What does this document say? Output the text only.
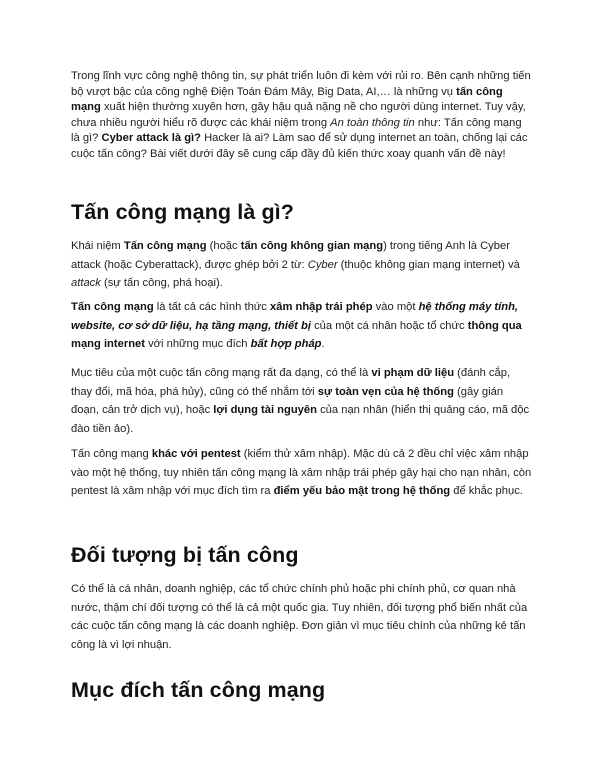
Trong lĩnh vực công nghệ thông tin, sự phát triển luôn đi kèm với rủi ro. Bên cạnh những tiến bộ vượt bậc của công nghệ Điện Toán Đám Mây, Big Data, AI,… là những vụ tấn công mạng xuất hiện thường xuyên hơn, gây hậu quả nặng nề cho người dùng internet. Tuy vậy, chưa nhiều người hiểu rõ được các khái niệm trong An toàn thông tin như: Tấn công mạng là gì? Cyber attack là gì? Hacker là ai? Làm sao để sử dụng internet an toàn, chống lại các cuộc tấn công? Bài viết dưới đây sẽ cung cấp đầy đủ kiến thức xoay quanh vấn đề này!

Tấn công mạng là gì?

Khái niệm Tấn công mạng (hoặc tấn công không gian mạng) trong tiếng Anh là Cyber attack (hoặc Cyberattack), được ghép bởi 2 từ: Cyber (thuộc không gian mạng internet) và attack (sự tấn công, phá hoại).

Tấn công mạng là tất cả các hình thức xâm nhập trái phép vào một hệ thống máy tính, website, cơ sở dữ liệu, hạ tầng mạng, thiết bị của một cá nhân hoặc tổ chức thông qua mạng internet với những mục đích bất hợp pháp.

Mục tiêu của một cuộc tấn công mạng rất đa dạng, có thể là vi phạm dữ liệu (đánh cắp, thay đổi, mã hóa, phá hủy), cũng có thể nhắm tới sự toàn vẹn của hệ thống (gây gián đoạn, cản trở dịch vụ), hoặc lợi dụng tài nguyên của nạn nhân (hiển thị quảng cáo, mã độc đào tiền ảo).

Tấn công mạng khác với pentest (kiểm thử xâm nhập). Mặc dù cả 2 đều chỉ việc xâm nhập vào một hệ thống, tuy nhiên tấn công mạng là xâm nhập trái phép gây hại cho nạn nhân, còn pentest là xâm nhập với mục đích tìm ra điểm yếu bảo mật trong hệ thống để khắc phục.

Đối tượng bị tấn công

Có thể là cá nhân, doanh nghiệp, các tổ chức chính phủ hoặc phi chính phủ, cơ quan nhà nước, thậm chí đối tượng có thể là cả một quốc gia. Tuy nhiên, đối tượng phổ biến nhất của các cuộc tấn công mạng là các doanh nghiệp. Đơn giản vì mục tiêu chính của những kẻ tấn công là vì lợi nhuận.

Mục đích tấn công mạng
